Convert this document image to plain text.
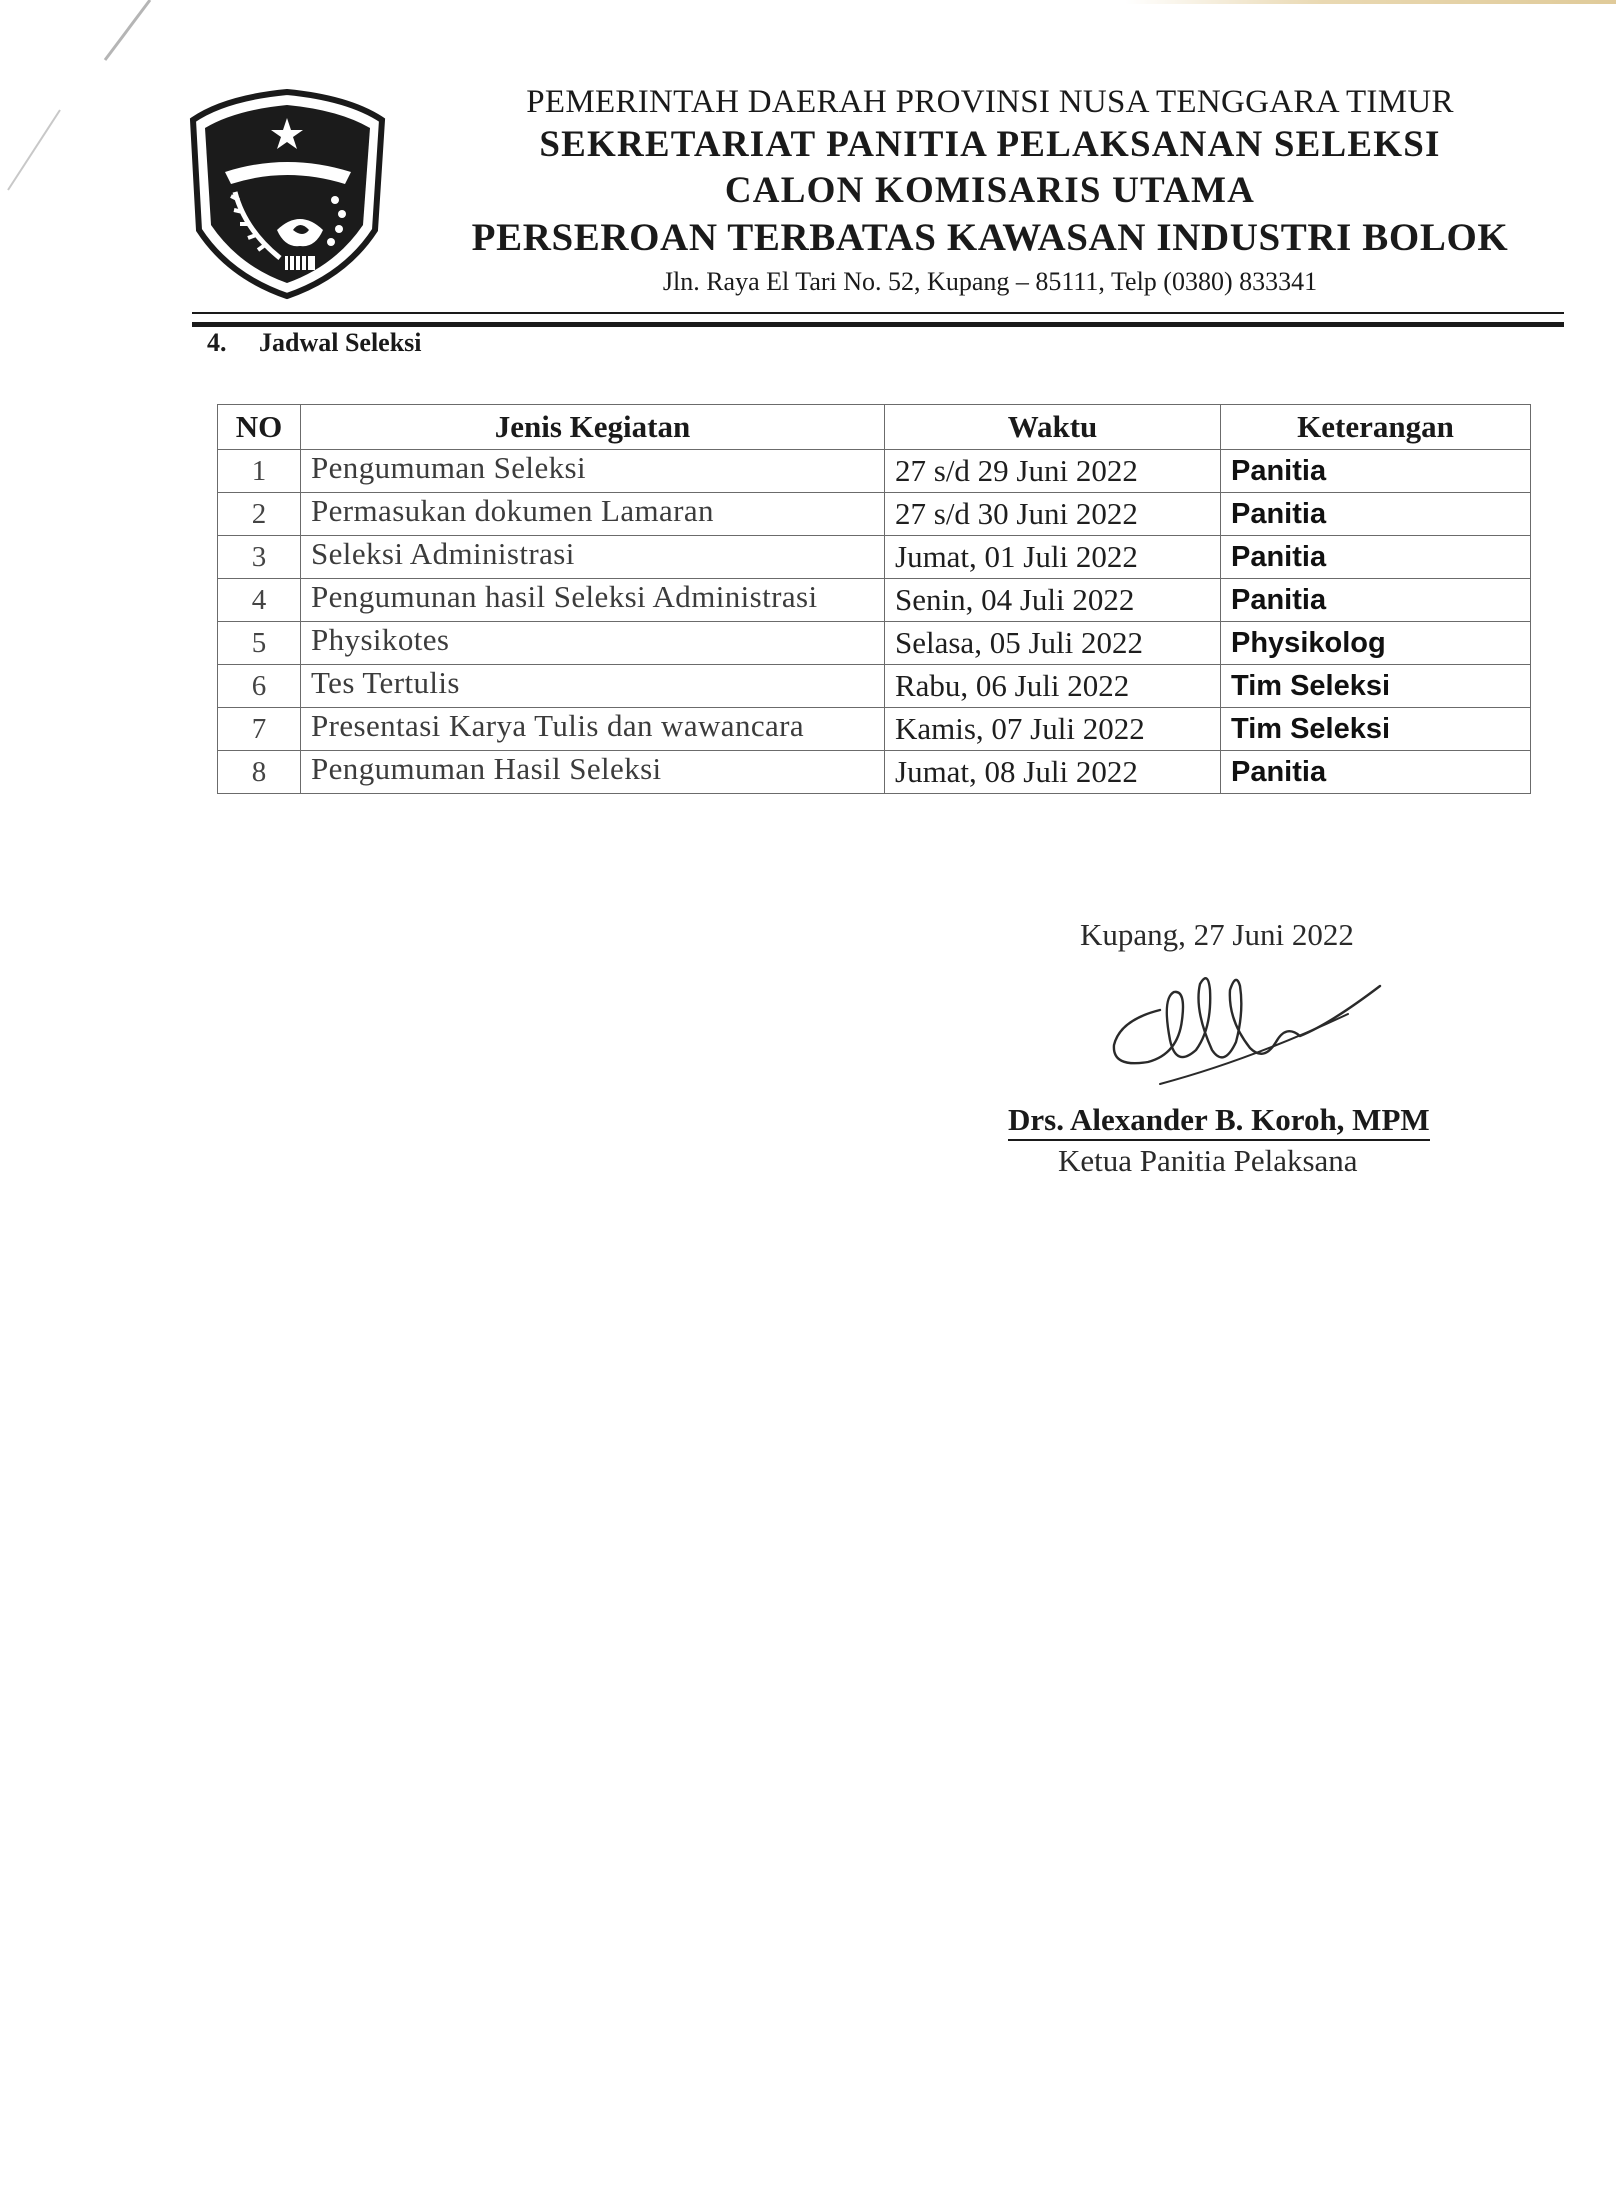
PEMERINTAH DAERAH PROVINSI NUSA TENGGARA TIMUR
SEKRETARIAT PANITIA PELAKSANAN SELEKSI
CALON KOMISARIS UTAMA
PERSEROAN TERBATAS KAWASAN INDUSTRI BOLOK
Jln. Raya El Tari No. 52, Kupang – 85111, Telp (0380) 833341
4. Jadwal Seleksi
NO	Jenis Kegiatan	Waktu	Keterangan
1	Pengumuman Seleksi	27 s/d 29 Juni 2022	Panitia
2	Permasukan dokumen Lamaran	27 s/d 30 Juni 2022	Panitia
3	Seleksi Administrasi	Jumat, 01 Juli 2022	Panitia
4	Pengumunan hasil Seleksi Administrasi	Senin, 04 Juli 2022	Panitia
5	Physikotes	Selasa, 05 Juli 2022	Physikolog
6	Tes Tertulis	Rabu, 06 Juli 2022	Tim Seleksi
7	Presentasi Karya Tulis dan wawancara	Kamis, 07 Juli 2022	Tim Seleksi
8	Pengumuman Hasil Seleksi	Jumat, 08 Juli 2022	Panitia
Kupang, 27 Juni 2022
Drs. Alexander B. Koroh, MPM
Ketua Panitia Pelaksana
